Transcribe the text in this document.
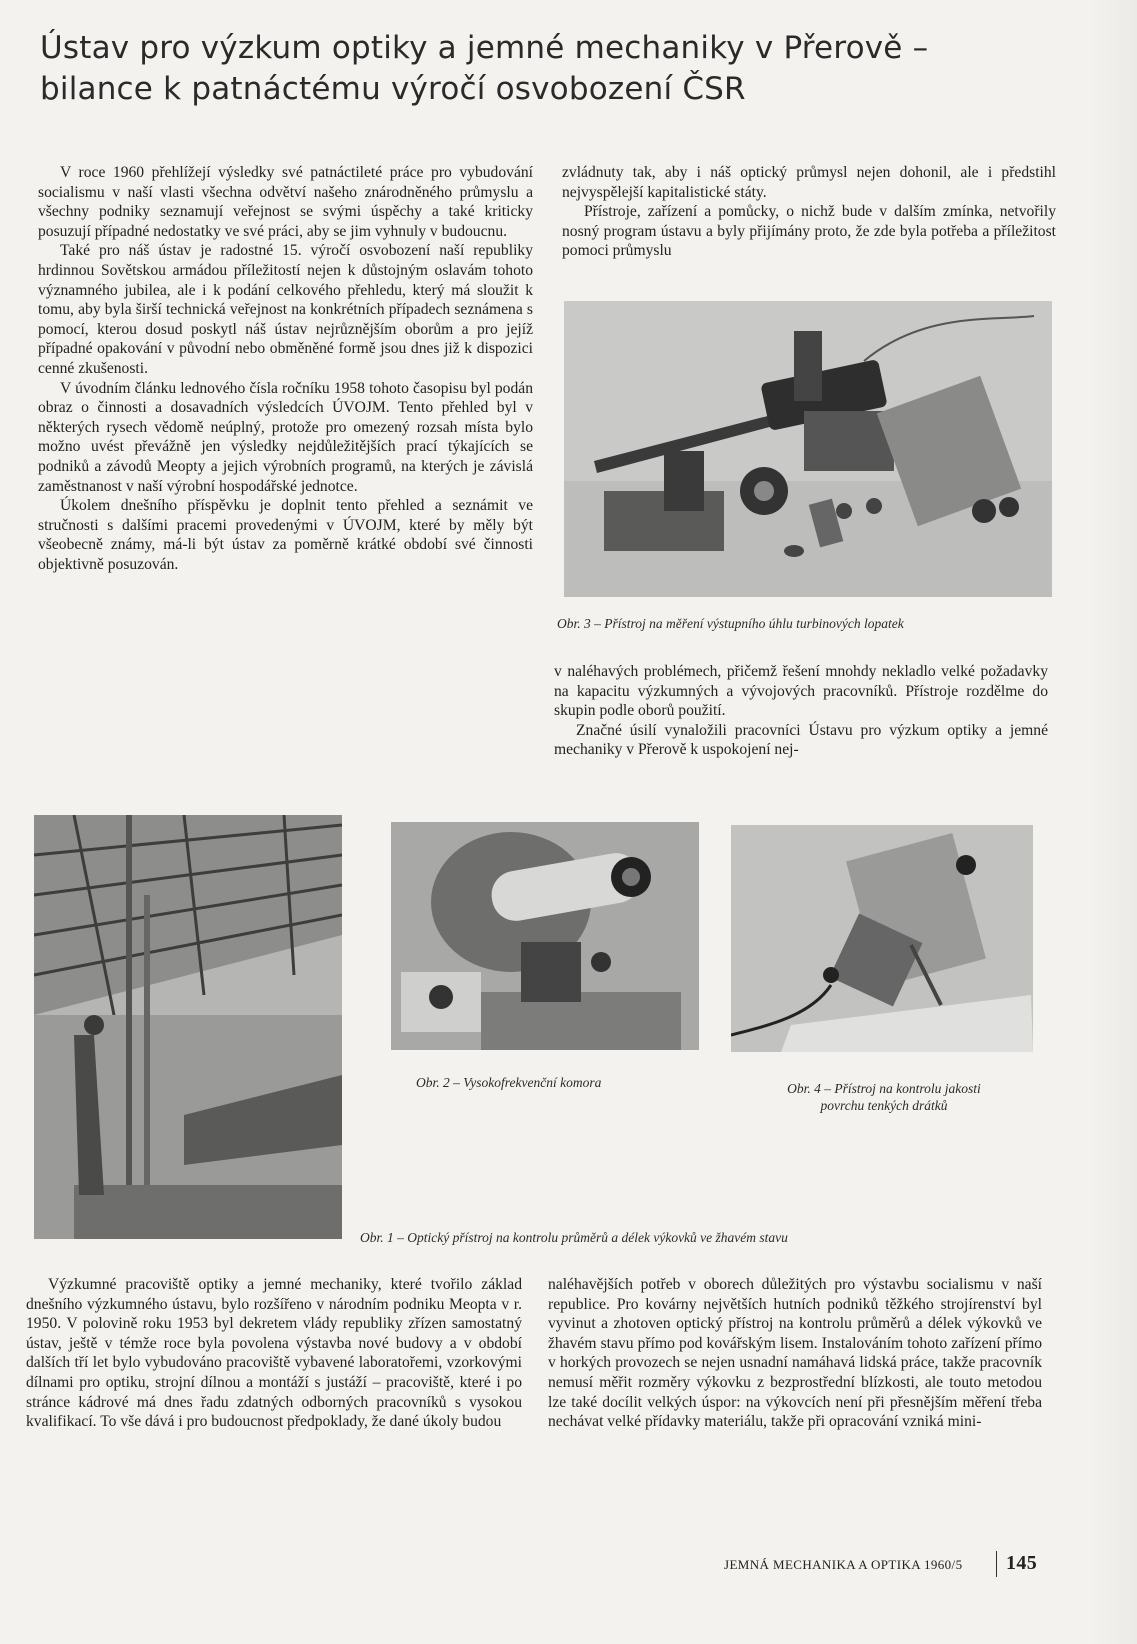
Ústav pro výzkum optiky a jemné mechaniky v Přerově –
bilance k patnáctému výročí osvobození ČSR

V roce 1960 přehlížejí výsledky své patnáctileté práce pro vybudování socialismu v naší vlasti všechna odvětví našeho znárodněného průmyslu a všechny podniky seznamují veřejnost se svými úspěchy a také kriticky posuzují případné nedostatky ve své práci, aby se jim vyhnuly v budoucnu.

Také pro náš ústav je radostné 15. výročí osvobození naší republiky hrdinnou Sovětskou armádou příležitostí nejen k důstojným oslavám tohoto významného jubilea, ale i k podání celkového přehledu, který má sloužit k tomu, aby byla širší technická veřejnost na konkrétních případech seznámena s pomocí, kterou dosud poskytl náš ústav nejrůznějším oborům a pro jejíž případné opakování v původní nebo obměněné formě jsou dnes již k dispozici cenné zkušenosti.

V úvodním článku lednového čísla ročníku 1958 tohoto časopisu byl podán obraz o činnosti a dosavadních výsledcích ÚVOJM. Tento přehled byl v některých rysech vědomě neúplný, protože pro omezený rozsah místa bylo možno uvést převážně jen výsledky nejdůležitějších prací týkajících se podniků a závodů Meopty a jejich výrobních programů, na kterých je závislá zaměstnanost v naší výrobní hospodářské jednotce.

Úkolem dnešního příspěvku je doplnit tento přehled a seznámit ve stručnosti s dalšími pracemi provedenými v ÚVOJM, které by měly být všeobecně známy, má-li být ústav za poměrně krátké období své činnosti objektivně posuzován.

zvládnuty tak, aby i náš optický průmysl nejen dohonil, ale i předstihl nejvyspělejší kapitalistické státy.

Přístroje, zařízení a pomůcky, o nichž bude v dalším zmínka, netvořily nosný program ústavu a byly přijímány proto, že zde byla potřeba a příležitost pomoci průmyslu

Obr. 3 – Přístroj na měření výstupního úhlu turbinových lopatek

v naléhavých problémech, přičemž řešení mnohdy nekladlo velké požadavky na kapacitu výzkumných a vývojových pracovníků. Přístroje rozdělme do skupin podle oborů použití.

Značné úsilí vynaložili pracovníci Ústavu pro výzkum optiky a jemné mechaniky v Přerově k uspokojení nej-

Obr. 2 – Vysokofrekvenční komora	Obr. 4 – Přístroj na kontrolu jakosti
povrchu tenkých drátků
Obr. 1 – Optický přístroj na kontrolu průměrů a délek výkovků ve žhavém stavu

Výzkumné pracoviště optiky a jemné mechaniky, které tvořilo základ dnešního výzkumného ústavu, bylo rozšířeno v národním podniku Meopta v r. 1950. V polovině roku 1953 byl dekretem vlády republiky zřízen samostatný ústav, ještě v témže roce byla povolena výstavba nové budovy a v období dalších tří let bylo vybudováno pracoviště vybavené laboratořemi, vzorkovými dílnami pro optiku, strojní dílnou a montáží s justáží – pracoviště, které i po stránce kádrové má dnes řadu zdatných odborných pracovníků s vysokou kvalifikací. To vše dává i pro budoucnost předpoklady, že dané úkoly budou

naléhavějších potřeb v oborech důležitých pro výstavbu socialismu v naší republice. Pro kovárny největších hutních podniků těžkého strojírenství byl vyvinut a zhotoven optický přístroj na kontrolu průměrů a délek výkovků ve žhavém stavu přímo pod kovářským lisem. Instalováním tohoto zařízení přímo v horkých provozech se nejen usnadní namáhavá lidská práce, takže pracovník nemusí měřit rozměry výkovku z bezprostřední blízkosti, ale touto metodou lze také docílit velkých úspor: na výkovcích není při přesnějším měření třeba nechávat velké přídavky materiálu, takže při opracování vzniká mini-

JEMNÁ MECHANIKA A OPTIKA 1960/5 145
